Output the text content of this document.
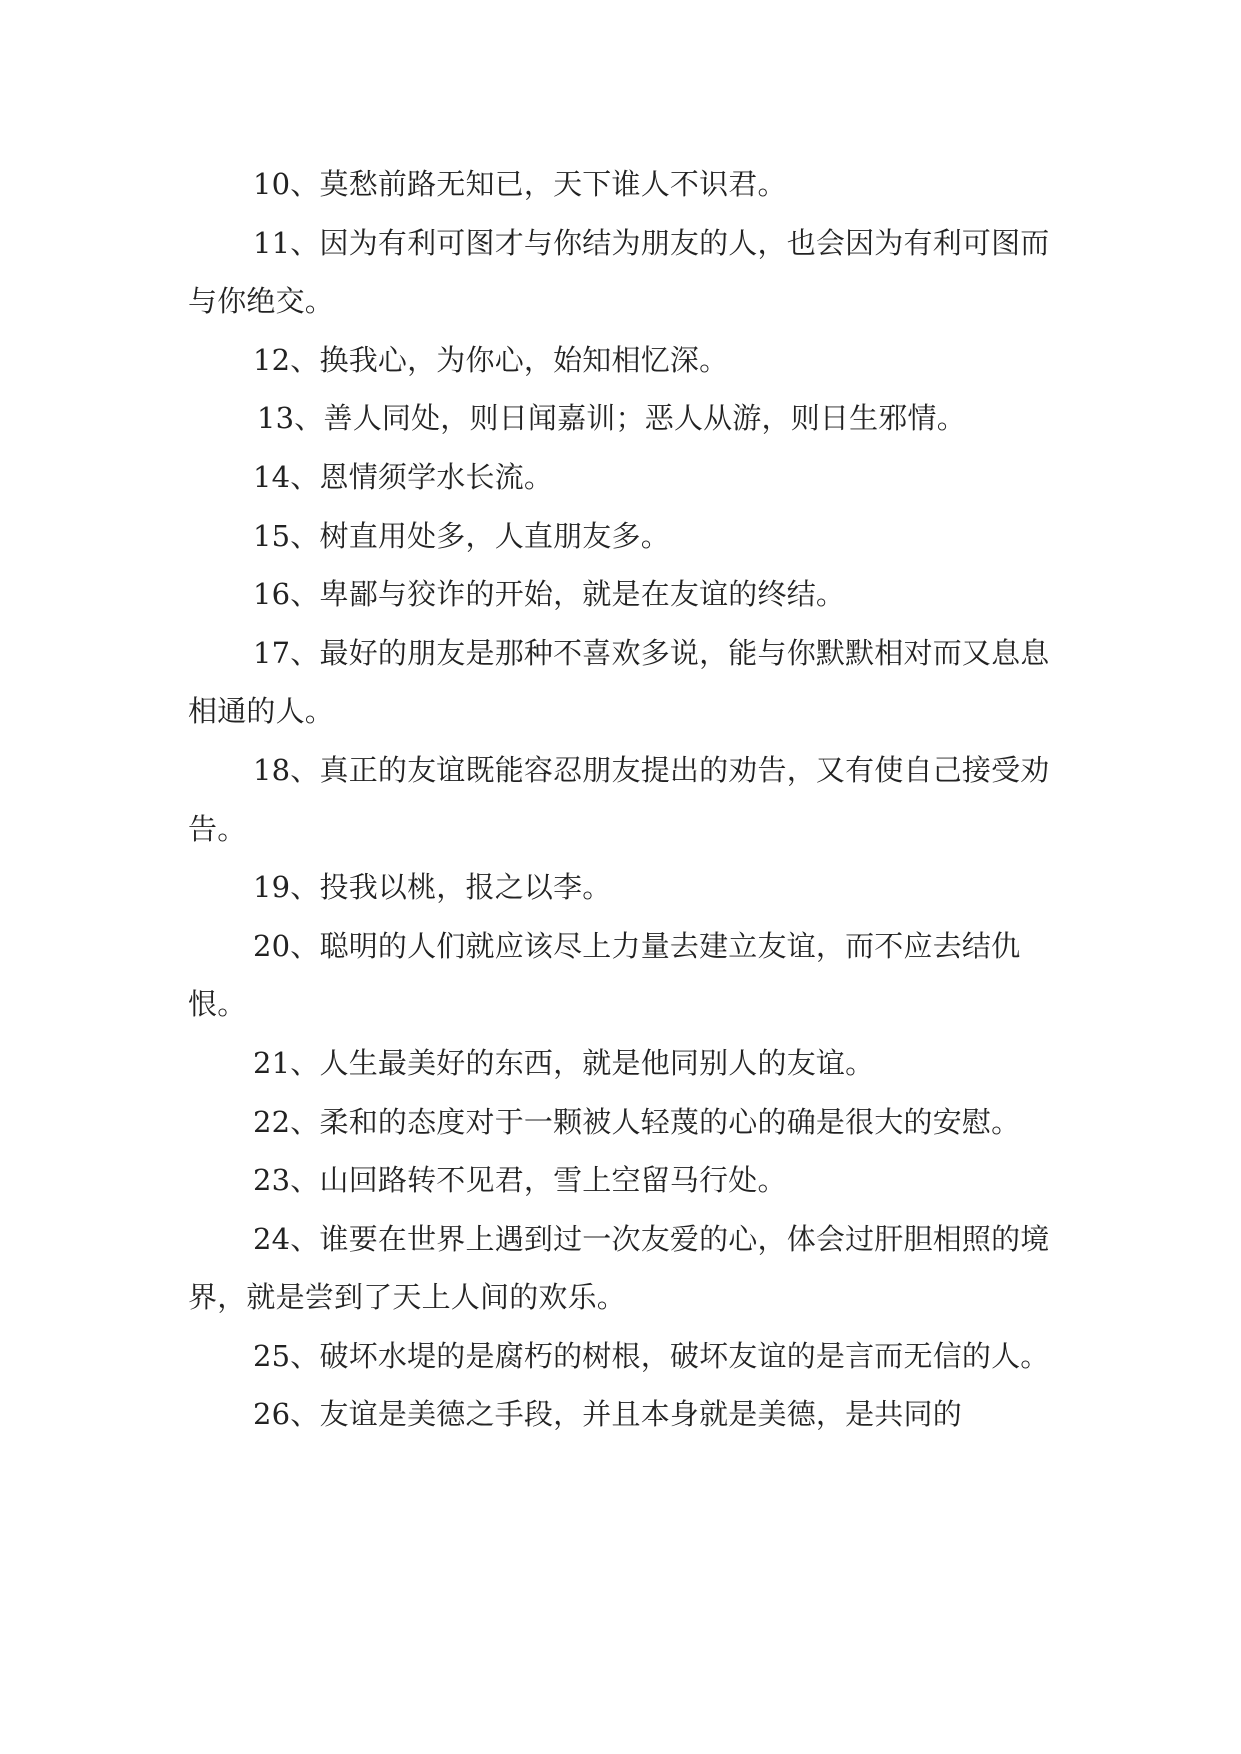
10、莫愁前路无知已，天下谁人不识君。

11、因为有利可图才与你结为朋友的人，也会因为有利可图而与你绝交。

12、换我心，为你心，始知相忆深。

13、善人同处，则日闻嘉训；恶人从游，则日生邪情。

14、恩情须学水长流。

15、树直用处多，人直朋友多。

16、卑鄙与狡诈的开始，就是在友谊的终结。

17、最好的朋友是那种不喜欢多说，能与你默默相对而又息息相通的人。

18、真正的友谊既能容忍朋友提出的劝告，又有使自己接受劝告。

19、投我以桃，报之以李。

20、聪明的人们就应该尽上力量去建立友谊，而不应去结仇恨。

21、人生最美好的东西，就是他同别人的友谊。

22、柔和的态度对于一颗被人轻蔑的心的确是很大的安慰。

23、山回路转不见君，雪上空留马行处。

24、谁要在世界上遇到过一次友爱的心，体会过肝胆相照的境界，就是尝到了天上人间的欢乐。

25、破坏水堤的是腐朽的树根，破坏友谊的是言而无信的人。

26、友谊是美德之手段，并且本身就是美德，是共同的
